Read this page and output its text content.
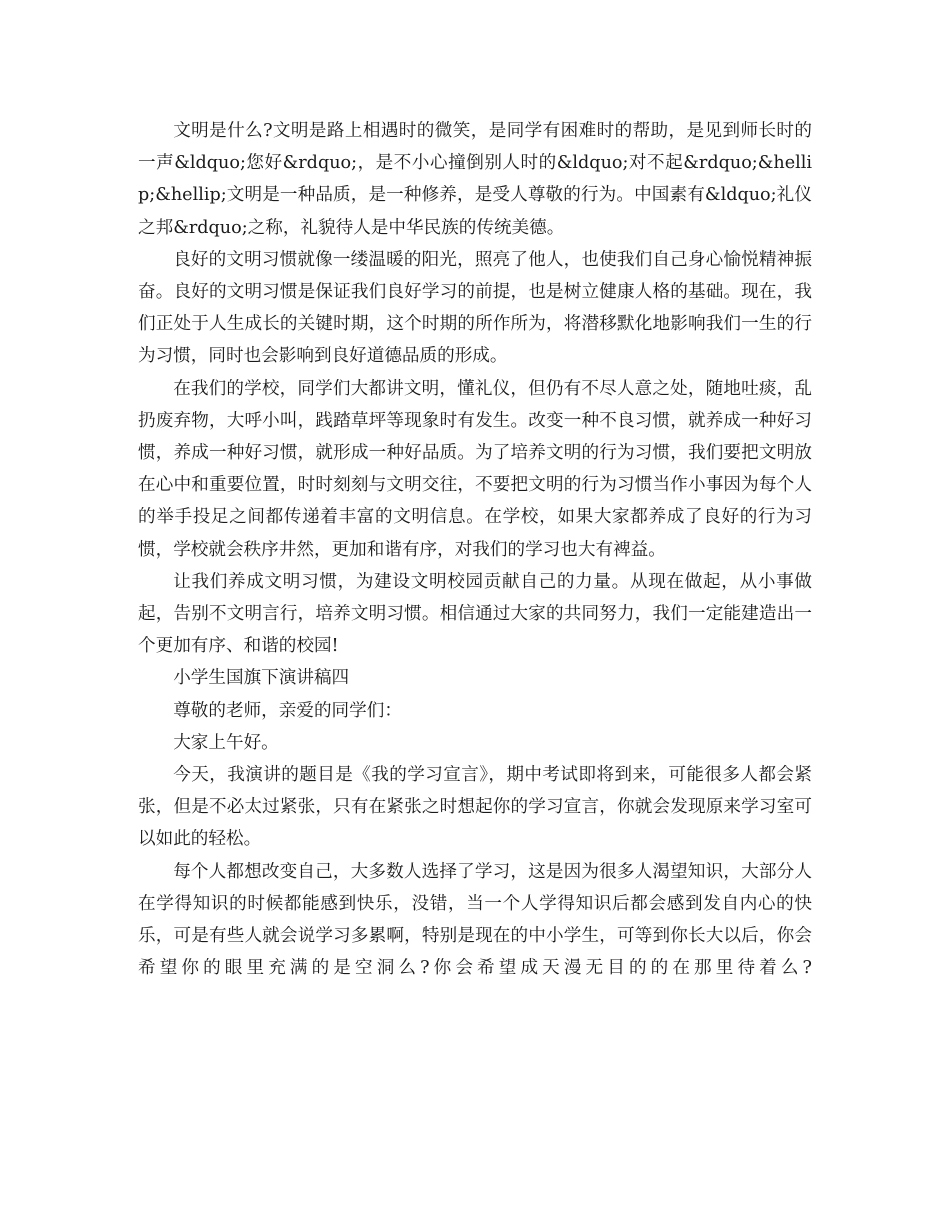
文明是什么?文明是路上相遇时的微笑，是同学有困难时的帮助，是见到师长时的一声&ldquo;您好&rdquo;，是不小心撞倒别人时的&ldquo;对不起&rdquo;&hellip;&hellip;文明是一种品质，是一种修养，是受人尊敬的行为。中国素有&ldquo;礼仪之邦&rdquo;之称，礼貌待人是中华民族的传统美德。

良好的文明习惯就像一缕温暖的阳光，照亮了他人，也使我们自己身心愉悦精神振奋。良好的文明习惯是保证我们良好学习的前提，也是树立健康人格的基础。现在，我们正处于人生成长的关键时期，这个时期的所作所为，将潜移默化地影响我们一生的行为习惯，同时也会影响到良好道德品质的形成。

在我们的学校，同学们大都讲文明，懂礼仪，但仍有不尽人意之处，随地吐痰，乱扔废弃物，大呼小叫，践踏草坪等现象时有发生。改变一种不良习惯，就养成一种好习惯，养成一种好习惯，就形成一种好品质。为了培养文明的行为习惯，我们要把文明放在心中和重要位置，时时刻刻与文明交往，不要把文明的行为习惯当作小事因为每个人的举手投足之间都传递着丰富的文明信息。在学校，如果大家都养成了良好的行为习惯，学校就会秩序井然，更加和谐有序，对我们的学习也大有裨益。

让我们养成文明习惯，为建设文明校园贡献自己的力量。从现在做起，从小事做起，告别不文明言行，培养文明习惯。相信通过大家的共同努力，我们一定能建造出一个更加有序、和谐的校园!

小学生国旗下演讲稿四

尊敬的老师，亲爱的同学们：

大家上午好。

今天，我演讲的题目是《我的学习宣言》，期中考试即将到来，可能很多人都会紧张，但是不必太过紧张，只有在紧张之时想起你的学习宣言，你就会发现原来学习室可以如此的轻松。

每个人都想改变自己，大多数人选择了学习，这是因为很多人渴望知识，大部分人在学得知识的时候都能感到快乐，没错，当一个人学得知识后都会感到发自内心的快乐，可是有些人就会说学习多累啊，特别是现在的中小学生，可等到你长大以后，你会希望你的眼里充满的是空洞么?你会希望成天漫无目的的在那里待着么?
